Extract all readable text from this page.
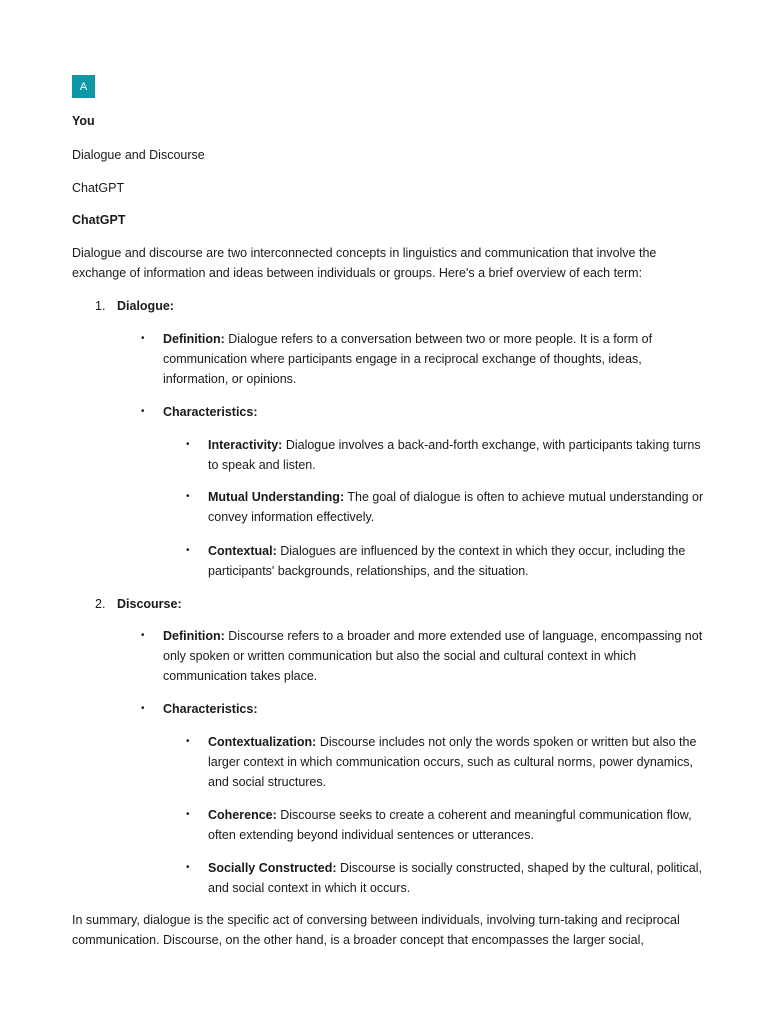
A
You
Dialogue and Discourse
ChatGPT
ChatGPT
Dialogue and discourse are two interconnected concepts in linguistics and communication that involve the exchange of information and ideas between individuals or groups. Here's a brief overview of each term:
1. Dialogue:
• Definition: Dialogue refers to a conversation between two or more people. It is a form of communication where participants engage in a reciprocal exchange of thoughts, ideas, information, or opinions.
• Characteristics:
• Interactivity: Dialogue involves a back-and-forth exchange, with participants taking turns to speak and listen.
• Mutual Understanding: The goal of dialogue is often to achieve mutual understanding or convey information effectively.
• Contextual: Dialogues are influenced by the context in which they occur, including the participants' backgrounds, relationships, and the situation.
2. Discourse:
• Definition: Discourse refers to a broader and more extended use of language, encompassing not only spoken or written communication but also the social and cultural context in which communication takes place.
• Characteristics:
• Contextualization: Discourse includes not only the words spoken or written but also the larger context in which communication occurs, such as cultural norms, power dynamics, and social structures.
• Coherence: Discourse seeks to create a coherent and meaningful communication flow, often extending beyond individual sentences or utterances.
• Socially Constructed: Discourse is socially constructed, shaped by the cultural, political, and social context in which it occurs.
In summary, dialogue is the specific act of conversing between individuals, involving turn-taking and reciprocal communication. Discourse, on the other hand, is a broader concept that encompasses the larger social,
